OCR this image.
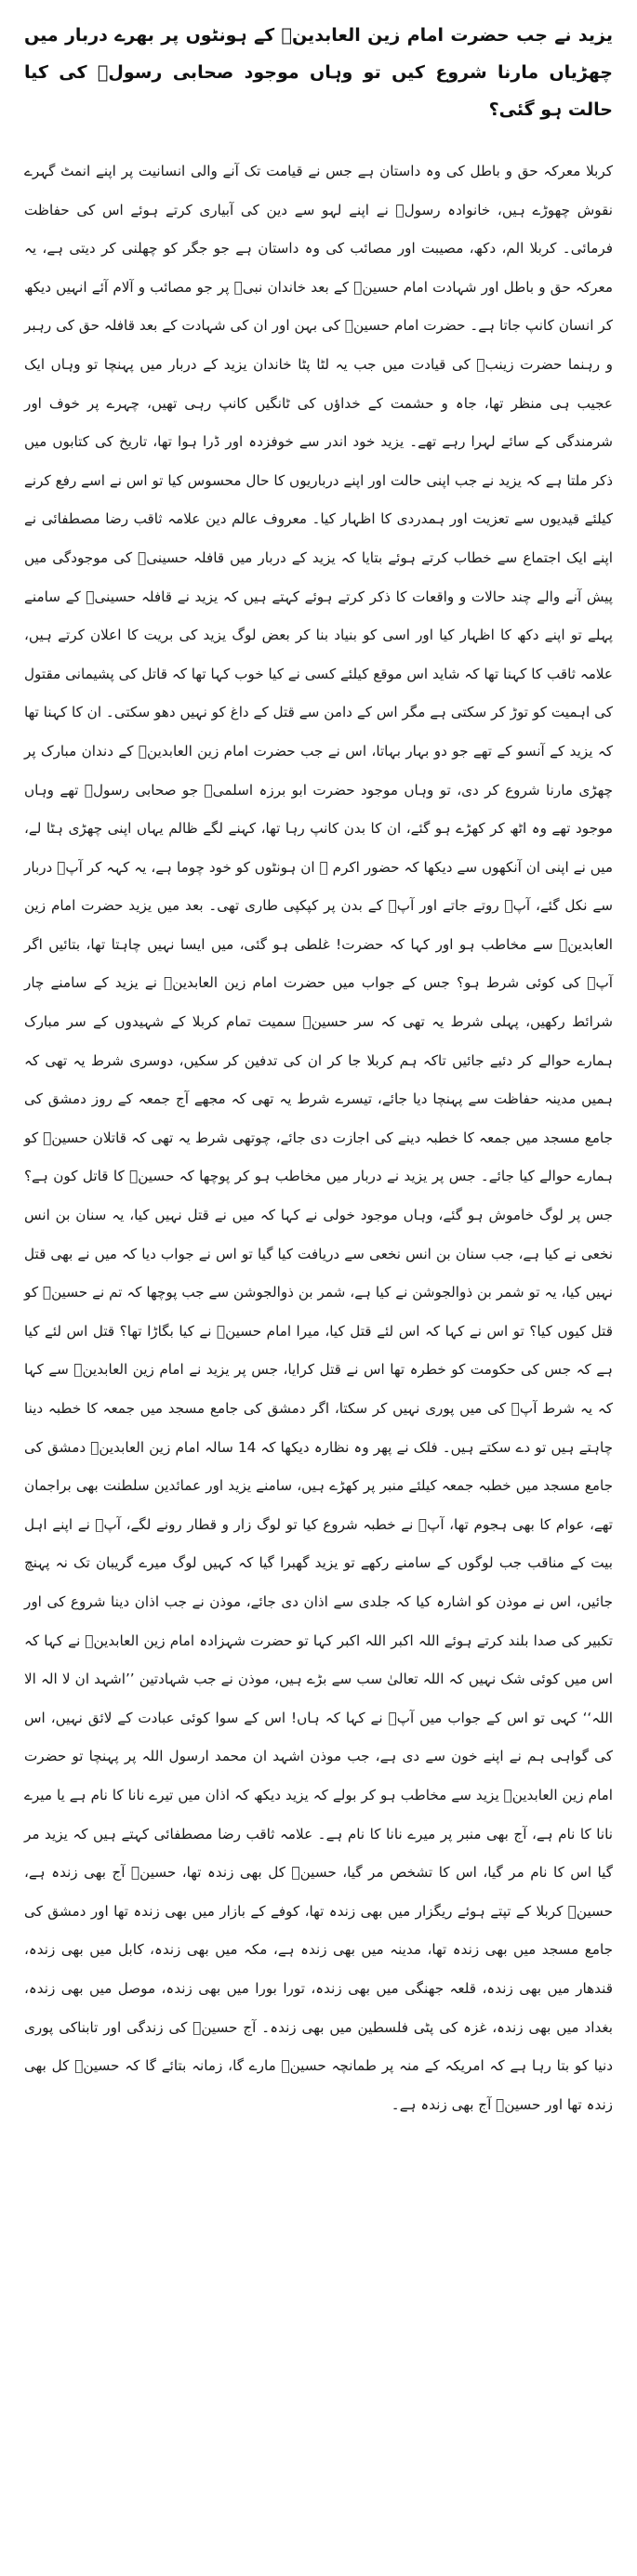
یزید نے جب حضرت امام زین العابدینؓ کے ہونٹوں پر بھرے دربار میں چھڑیاں مارنا شروع کیں تو وہاں موجود صحابی رسولؐ کی کیا حالت ہو گئی؟

کربلا معرکہ حق و باطل کی وہ داستان ہے جس نے قیامت تک آنے والی انسانیت پر اپنے انمٹ گہرے نقوش چھوڑے ہیں، خانوادہ رسولؐ نے اپنے لہو سے دین کی آبیاری کرتے ہوئے اس کی حفاظت فرمائی۔ کربلا الم، دکھ، مصیبت اور مصائب کی وہ داستان ہے جو جگر کو چھلنی کر دیتی ہے، یہ معرکہ حق و باطل اور شہادت امام حسینؓ کے بعد خاندان نبیؐ پر جو مصائب و آلام آئے انہیں دیکھ کر انسان کانپ جاتا ہے۔ حضرت امام حسینؓ کی بہن اور ان کی شہادت کے بعد قافلہ حق کی رہبر و رہنما حضرت زینبؓ کی قیادت میں جب یہ لٹا پٹا خاندان یزید کے دربار میں پہنچا تو وہاں ایک عجیب ہی منظر تھا، جاہ و حشمت کے خداؤں کی ٹانگیں کانپ رہی تھیں، چہرے پر خوف اور شرمندگی کے سائے لہرا رہے تھے۔ یزید خود اندر سے خوفزدہ اور ڈرا ہوا تھا، تاریخ کی کتابوں میں ذکر ملتا ہے کہ یزید نے جب اپنی حالت اور اپنے درباریوں کا حال محسوس کیا تو اس نے اسے رفع کرنے کیلئے قیدیوں سے تعزیت اور ہمدردی کا اظہار کیا۔ معروف عالم دین علامہ ثاقب رضا مصطفائی نے اپنے ایک اجتماع سے خطاب کرتے ہوئے بتایا کہ یزید کے دربار میں قافلہ حسینیؓ کی موجودگی میں پیش آنے والے چند حالات و واقعات کا ذکر کرتے ہوئے کہتے ہیں کہ یزید نے قافلہ حسینیؓ کے سامنے پہلے تو اپنے دکھ کا اظہار کیا اور اسی کو بنیاد بنا کر بعض لوگ یزید کی بریت کا اعلان کرتے ہیں، علامہ ثاقب کا کہنا تھا کہ شاید اس موقع کیلئے کسی نے کیا خوب کہا تھا کہ قاتل کی پشیمانی مقتول کی اہمیت کو توڑ کر سکتی ہے مگر اس کے دامن سے قتل کے داغ کو نہیں دھو سکتی۔ ان کا کہنا تھا کہ یزید کے آنسو کے تھے جو دو بہار بہاتا، اس نے جب حضرت امام زین العابدینؓ کے دندان مبارک پر چھڑی مارنا شروع کر دی، تو وہاں موجود حضرت ابو برزہ اسلمیؓ جو صحابی رسولؐ تھے وہاں موجود تھے وہ اٹھ کر کھڑے ہو گئے، ان کا بدن کانپ رہا تھا، کہنے لگے ظالم یہاں اپنی چھڑی ہٹا لے، میں نے اپنی ان آنکھوں سے دیکھا کہ حضور اکرم ﷺ ان ہونٹوں کو خود چوما ہے، یہ کہہ کر آپؓ دربار سے نکل گئے، آپؓ روتے جاتے اور آپؓ کے بدن پر کپکپی طاری تھی۔ بعد میں یزید حضرت امام زین العابدینؓ سے مخاطب ہو اور کہا کہ حضرت! غلطی ہو گئی، میں ایسا نہیں چاہتا تھا، بتائیں اگر آپؓ کی کوئی شرط ہو؟ جس کے جواب میں حضرت امام زین العابدینؓ نے یزید کے سامنے چار شرائط رکھیں، پہلی شرط یہ تھی کہ سر حسینؓ سمیت تمام کربلا کے شہیدوں کے سر مبارک ہمارے حوالے کر دئیے جائیں تاکہ ہم کربلا جا کر ان کی تدفین کر سکیں، دوسری شرط یہ تھی کہ ہمیں مدینہ حفاظت سے پہنچا دیا جائے، تیسرے شرط یہ تھی کہ مجھے آج جمعہ کے روز دمشق کی جامع مسجد میں جمعہ کا خطبہ دینے کی اجازت دی جائے، چوتھی شرط یہ تھی کہ قاتلان حسینؓ کو ہمارے حوالے کیا جائے۔ جس پر یزید نے دربار میں مخاطب ہو کر پوچھا کہ حسینؓ کا قاتل کون ہے؟ جس پر لوگ خاموش ہو گئے، وہاں موجود خولی نے کہا کہ میں نے قتل نہیں کیا، یہ سنان بن انس نخعی نے کیا ہے، جب سنان بن انس نخعی سے دریافت کیا گیا تو اس نے جواب دیا کہ میں نے بھی قتل نہیں کیا، یہ تو شمر بن ذوالجوشن نے کیا ہے، شمر بن ذوالجوشن سے جب پوچھا کہ تم نے حسینؓ کو قتل کیوں کیا؟ تو اس نے کہا کہ اس لئے قتل کیا، میرا امام حسینؓ نے کیا بگاڑا تھا؟ قتل اس لئے کیا ہے کہ جس کی حکومت کو خطرہ تھا اس نے قتل کرایا، جس پر یزید نے امام زین العابدینؓ سے کہا کہ یہ شرط آپؓ کی میں پوری نہیں کر سکتا، اگر دمشق کی جامع مسجد میں جمعہ کا خطبہ دینا چاہتے ہیں تو دے سکتے ہیں۔ فلک نے پھر وہ نظارہ دیکھا کہ 14 سالہ امام زین العابدینؓ دمشق کی جامع مسجد میں خطبہ جمعہ کیلئے منبر پر کھڑے ہیں، سامنے یزید اور عمائدین سلطنت بھی براجمان تھے، عوام کا بھی ہجوم تھا، آپؓ نے خطبہ شروع کیا تو لوگ زار و قطار رونے لگے، آپؓ نے اپنے اہل بیت کے مناقب جب لوگوں کے سامنے رکھے تو یزید گھبرا گیا کہ کہیں لوگ میرے گریبان تک نہ پہنچ جائیں، اس نے موذن کو اشارہ کیا کہ جلدی سے اذان دی جائے، موذن نے جب اذان دینا شروع کی اور تکبیر کی صدا بلند کرتے ہوئے اللہ اکبر اللہ اکبر کہا تو حضرت شہزادہ امام زین العابدینؓ نے کہا کہ اس میں کوئی شک نہیں کہ اللہ تعالیٰ سب سے بڑے ہیں، موذن نے جب شہادتین ’’اشہد ان لا الہ الا اللہ‘‘ کہی تو اس کے جواب میں آپؓ نے کہا کہ ہاں! اس کے سوا کوئی عبادت کے لائق نہیں، اس کی گواہی ہم نے اپنے خون سے دی ہے، جب موذن اشہد ان محمد ارسول اللہ پر پہنچا تو حضرت امام زین العابدینؓ یزید سے مخاطب ہو کر بولے کہ یزید دیکھ کہ اذان میں تیرے نانا کا نام ہے یا میرے نانا کا نام ہے، آج بھی منبر پر میرے نانا کا نام ہے۔ علامہ ثاقب رضا مصطفائی کہتے ہیں کہ یزید مر گیا اس کا نام مر گیا، اس کا تشخص مر گیا، حسینؓ کل بھی زندہ تھا، حسینؓ آج بھی زندہ ہے، حسینؓ کربلا کے تپتے ہوئے ریگزار میں بھی زندہ تھا، کوفے کے بازار میں بھی زندہ تھا اور دمشق کی جامع مسجد میں بھی زندہ تھا، مدینہ میں بھی زندہ ہے، مکہ میں بھی زندہ، کابل میں بھی زندہ، قندھار میں بھی زندہ، قلعہ جھنگی میں بھی زندہ، تورا بورا میں بھی زندہ، موصل میں بھی زندہ، بغداد میں بھی زندہ، غزہ کی پٹی فلسطین میں بھی زندہ۔ آج حسینؓ کی زندگی اور تابناکی پوری دنیا کو بتا رہا ہے کہ امریکہ کے منہ پر طمانچہ حسینؓ مارے گا، زمانہ بتائے گا کہ حسینؓ کل بھی زندہ تھا اور حسینؓ آج بھی زندہ ہے۔
